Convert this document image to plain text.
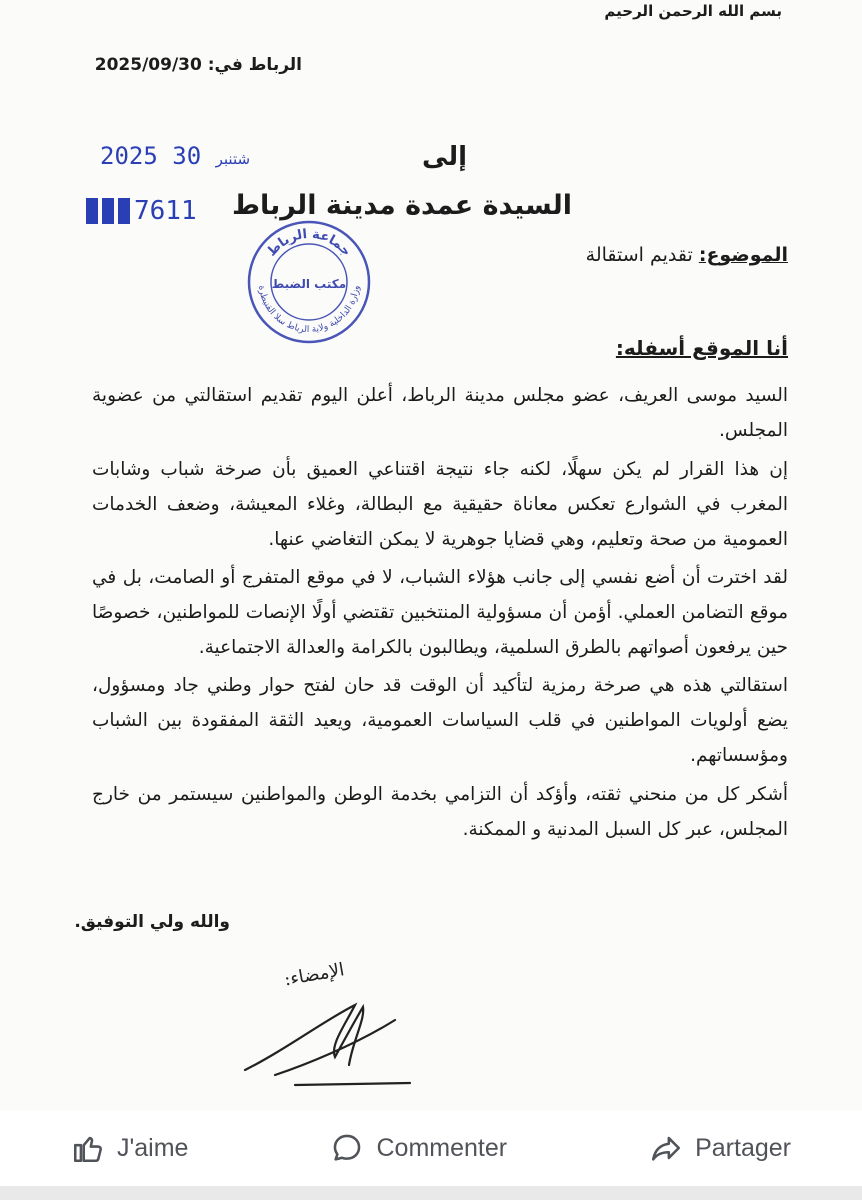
بسم الله الرحمن الرحيم
الرباط في: 2025/09/30
2025	شتنبر 30
7611
إلى
السيدة عمدة مدينة الرباط
جماعة الرباط
وزارة الداخلية ولاية الرباط سلا القنيطرة
مكتب الضبط
الموضوع: تقديم استقالة
أنا الموقع أسفله:

السيد موسى العريف، عضو مجلس مدينة الرباط، أعلن اليوم تقديم استقالتي من عضوية المجلس.

إن هذا القرار لم يكن سهلًا، لكنه جاء نتيجة اقتناعي العميق بأن صرخة شباب وشابات المغرب في الشوارع تعكس معاناة حقيقية مع البطالة، وغلاء المعيشة، وضعف الخدمات العمومية من صحة وتعليم، وهي قضايا جوهرية لا يمكن التغاضي عنها.

لقد اخترت أن أضع نفسي إلى جانب هؤلاء الشباب، لا في موقع المتفرج أو الصامت، بل في موقع التضامن العملي. أؤمن أن مسؤولية المنتخبين تقتضي أولًا الإنصات للمواطنين، خصوصًا حين يرفعون أصواتهم بالطرق السلمية، ويطالبون بالكرامة والعدالة الاجتماعية.

استقالتي هذه هي صرخة رمزية لتأكيد أن الوقت قد حان لفتح حوار وطني جاد ومسؤول، يضع أولويات المواطنين في قلب السياسات العمومية، ويعيد الثقة المفقودة بين الشباب ومؤسساتهم.

أشكر كل من منحني ثقته، وأؤكد أن التزامي بخدمة الوطن والمواطنين سيستمر من خارج المجلس، عبر كل السبل المدنية و الممكنة.

والله ولي التوفيق.
الإمضاء:
J'aime	Commenter	Partager
